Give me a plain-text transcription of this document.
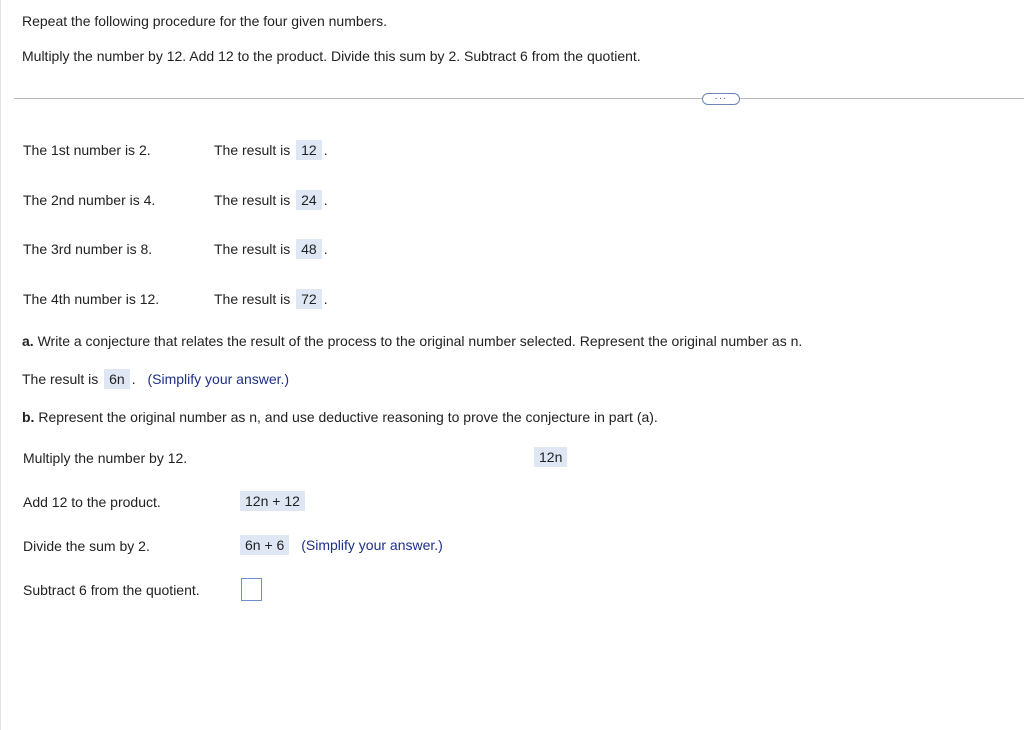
Repeat the following procedure for the four given numbers.
Multiply the number by 12. Add 12 to the product. Divide this sum by 2. Subtract 6 from the quotient.
···
The 1st number is 2.	The result is 12 .
The 2nd number is 4.	The result is 24 .
The 3rd number is 8.	The result is 48 .
The 4th number is 12.	The result is 72 .
a. Write a conjecture that relates the result of the process to the original number selected. Represent the original number as n.
The result is 6n . (Simplify your answer.)
b. Represent the original number as n, and use deductive reasoning to prove the conjecture in part (a).
Multiply the number by 12.	12n
Add 12 to the product.	12n + 12
Divide the sum by 2.	6n + 6 (Simplify your answer.)
Subtract 6 from the quotient.
